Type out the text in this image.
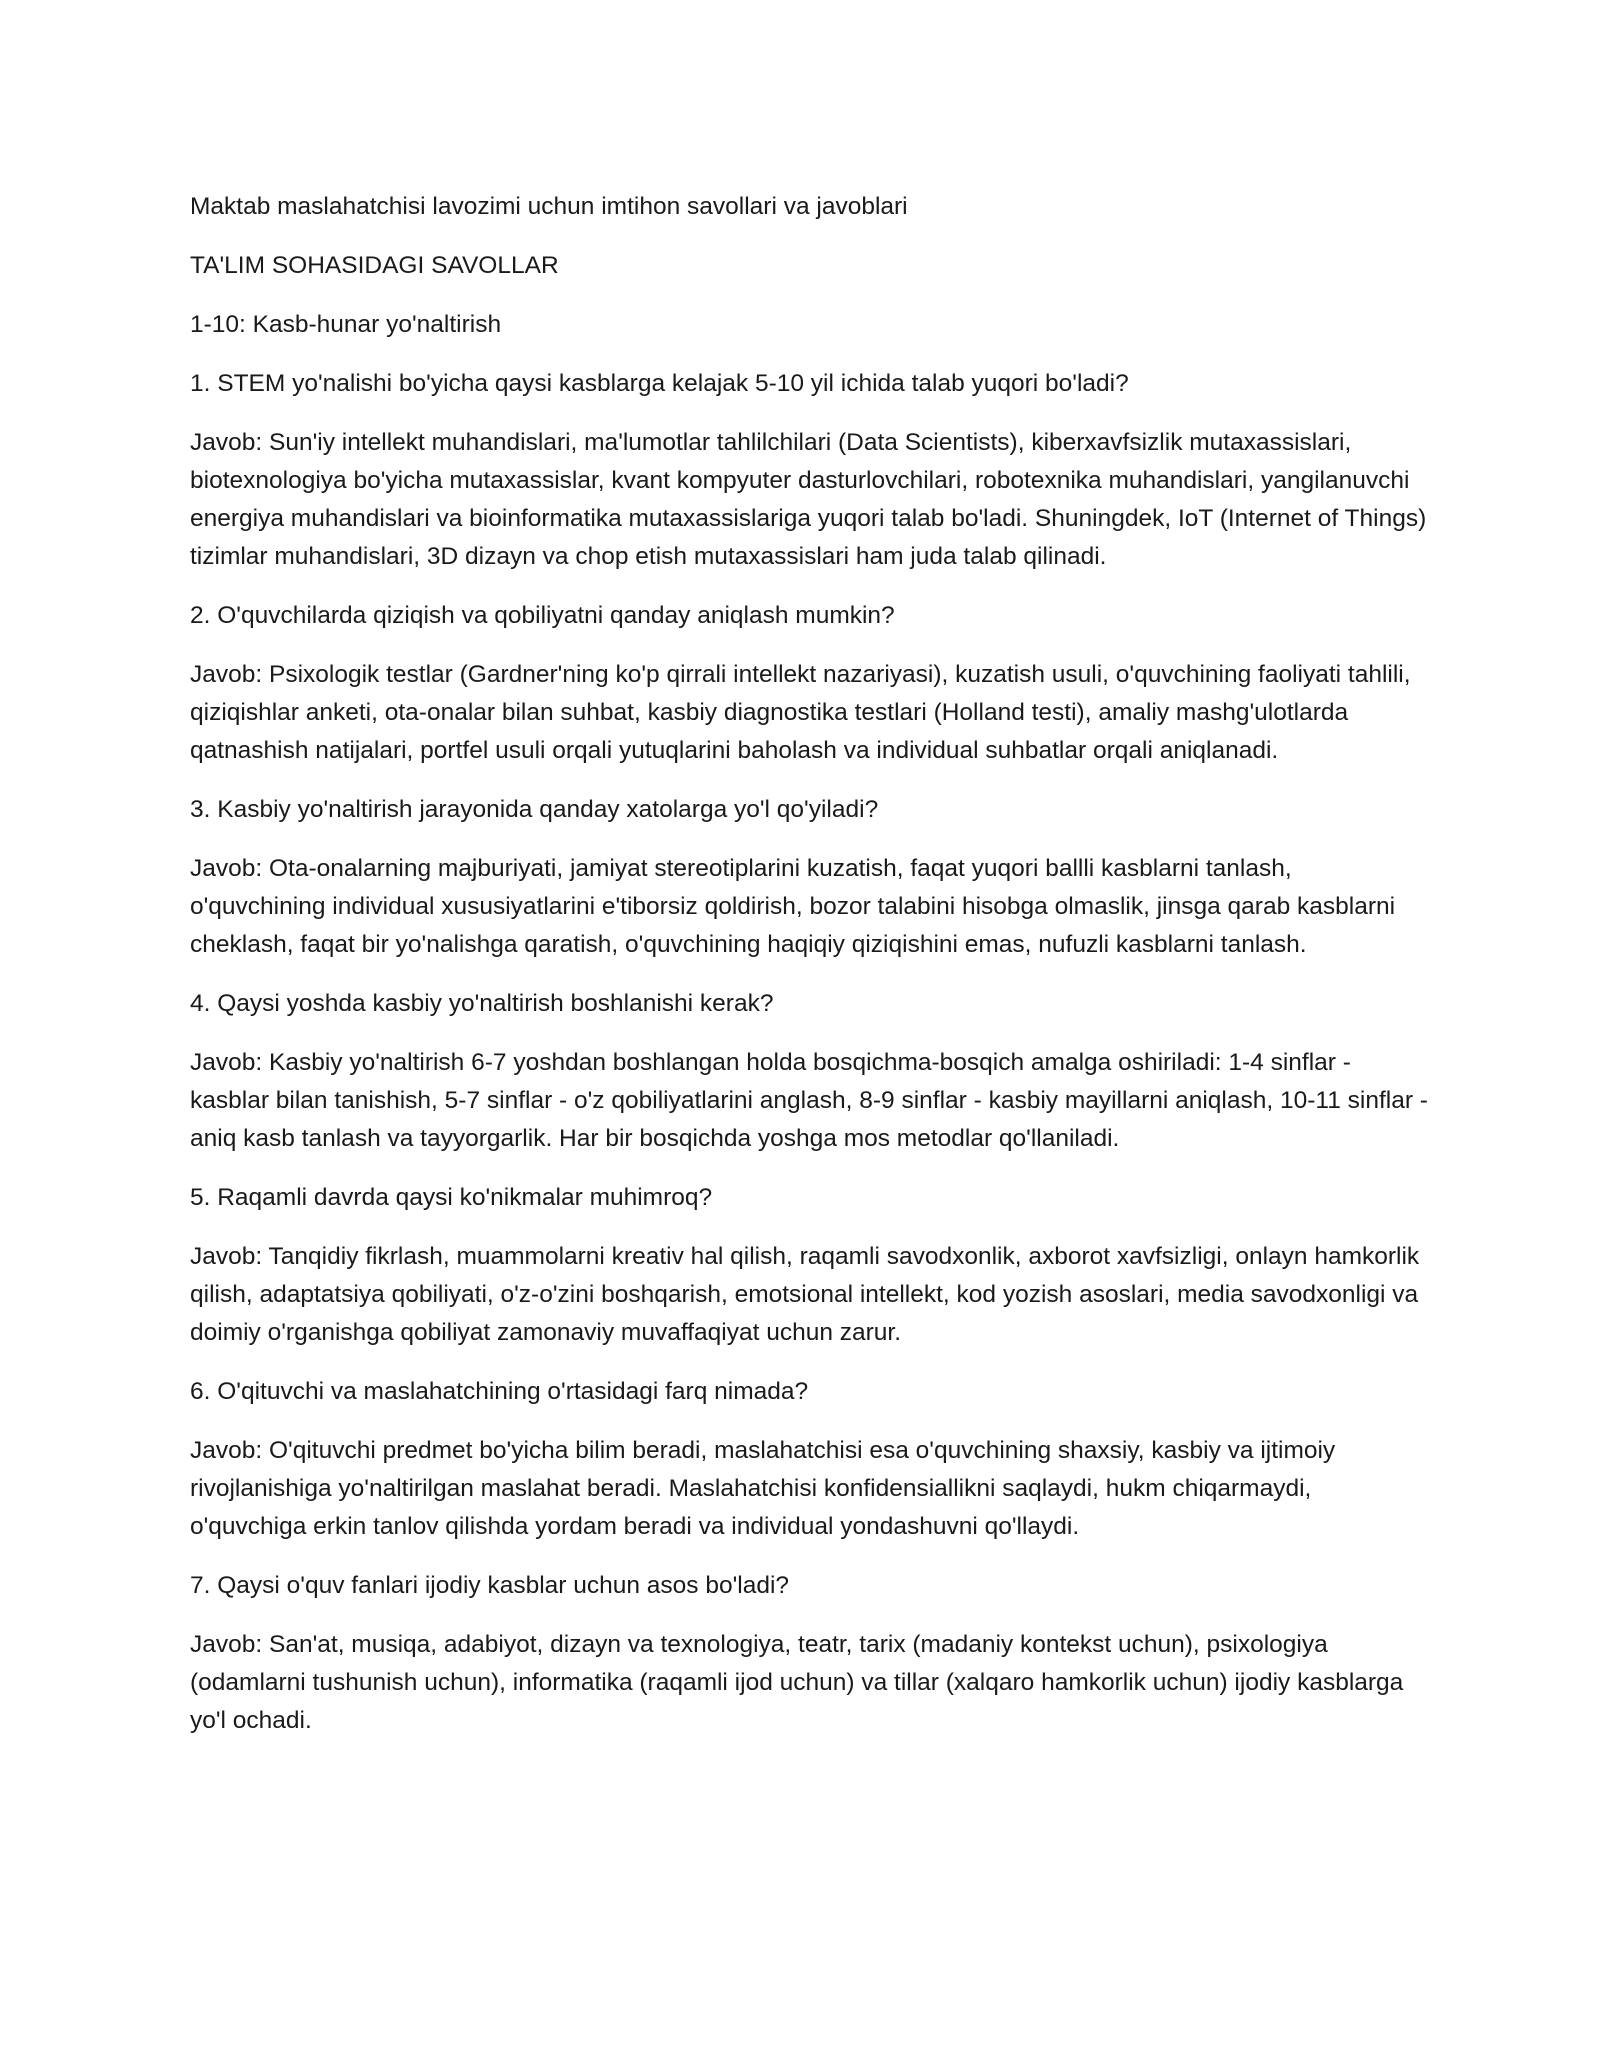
Maktab maslahatchisi lavozimi uchun imtihon savollari va javoblari

TA'LIM SOHASIDAGI SAVOLLAR

1-10: Kasb-hunar yo'naltirish

1. STEM yo'nalishi bo'yicha qaysi kasblarga kelajak 5-10 yil ichida talab yuqori bo'ladi?

Javob: Sun'iy intellekt muhandislari, ma'lumotlar tahlilchilari (Data Scientists), kiberxavfsizlik mutaxassislari, biotexnologiya bo'yicha mutaxassislar, kvant kompyuter dasturlovchilari, robotexnika muhandislari, yangilanuvchi energiya muhandislari va bioinformatika mutaxassislariga yuqori talab bo'ladi. Shuningdek, IoT (Internet of Things) tizimlar muhandislari, 3D dizayn va chop etish mutaxassislari ham juda talab qilinadi.

2. O'quvchilarda qiziqish va qobiliyatni qanday aniqlash mumkin?

Javob: Psixologik testlar (Gardner'ning ko'p qirrali intellekt nazariyasi), kuzatish usuli, o'quvchining faoliyati tahlili, qiziqishlar anketi, ota-onalar bilan suhbat, kasbiy diagnostika testlari (Holland testi), amaliy mashg'ulotlarda qatnashish natijalari, portfel usuli orqali yutuqlarini baholash va individual suhbatlar orqali aniqlanadi.

3. Kasbiy yo'naltirish jarayonida qanday xatolarga yo'l qo'yiladi?

Javob: Ota-onalarning majburiyati, jamiyat stereotiplarini kuzatish, faqat yuqori ballli kasblarni tanlash, o'quvchining individual xususiyatlarini e'tiborsiz qoldirish, bozor talabini hisobga olmaslik, jinsga qarab kasblarni cheklash, faqat bir yo'nalishga qaratish, o'quvchining haqiqiy qiziqishini emas, nufuzli kasblarni tanlash.

4. Qaysi yoshda kasbiy yo'naltirish boshlanishi kerak?

Javob: Kasbiy yo'naltirish 6-7 yoshdan boshlangan holda bosqichma-bosqich amalga oshiriladi: 1-4 sinflar - kasblar bilan tanishish, 5-7 sinflar - o'z qobiliyatlarini anglash, 8-9 sinflar - kasbiy mayillarni aniqlash, 10-11 sinflar - aniq kasb tanlash va tayyorgarlik. Har bir bosqichda yoshga mos metodlar qo'llaniladi.

5. Raqamli davrda qaysi ko'nikmalar muhimroq?

Javob: Tanqidiy fikrlash, muammolarni kreativ hal qilish, raqamli savodxonlik, axborot xavfsizligi, onlayn hamkorlik qilish, adaptatsiya qobiliyati, o'z-o'zini boshqarish, emotsional intellekt, kod yozish asoslari, media savodxonligi va doimiy o'rganishga qobiliyat zamonaviy muvaffaqiyat uchun zarur.

6. O'qituvchi va maslahatchining o'rtasidagi farq nimada?

Javob: O'qituvchi predmet bo'yicha bilim beradi, maslahatchisi esa o'quvchining shaxsiy, kasbiy va ijtimoiy rivojlanishiga yo'naltirilgan maslahat beradi. Maslahatchisi konfidensiallikni saqlaydi, hukm chiqarmaydi, o'quvchiga erkin tanlov qilishda yordam beradi va individual yondashuvni qo'llaydi.

7. Qaysi o'quv fanlari ijodiy kasblar uchun asos bo'ladi?

Javob: San'at, musiqa, adabiyot, dizayn va texnologiya, teatr, tarix (madaniy kontekst uchun), psixologiya (odamlarni tushunish uchun), informatika (raqamli ijod uchun) va tillar (xalqaro hamkorlik uchun) ijodiy kasblarga yo'l ochadi.
